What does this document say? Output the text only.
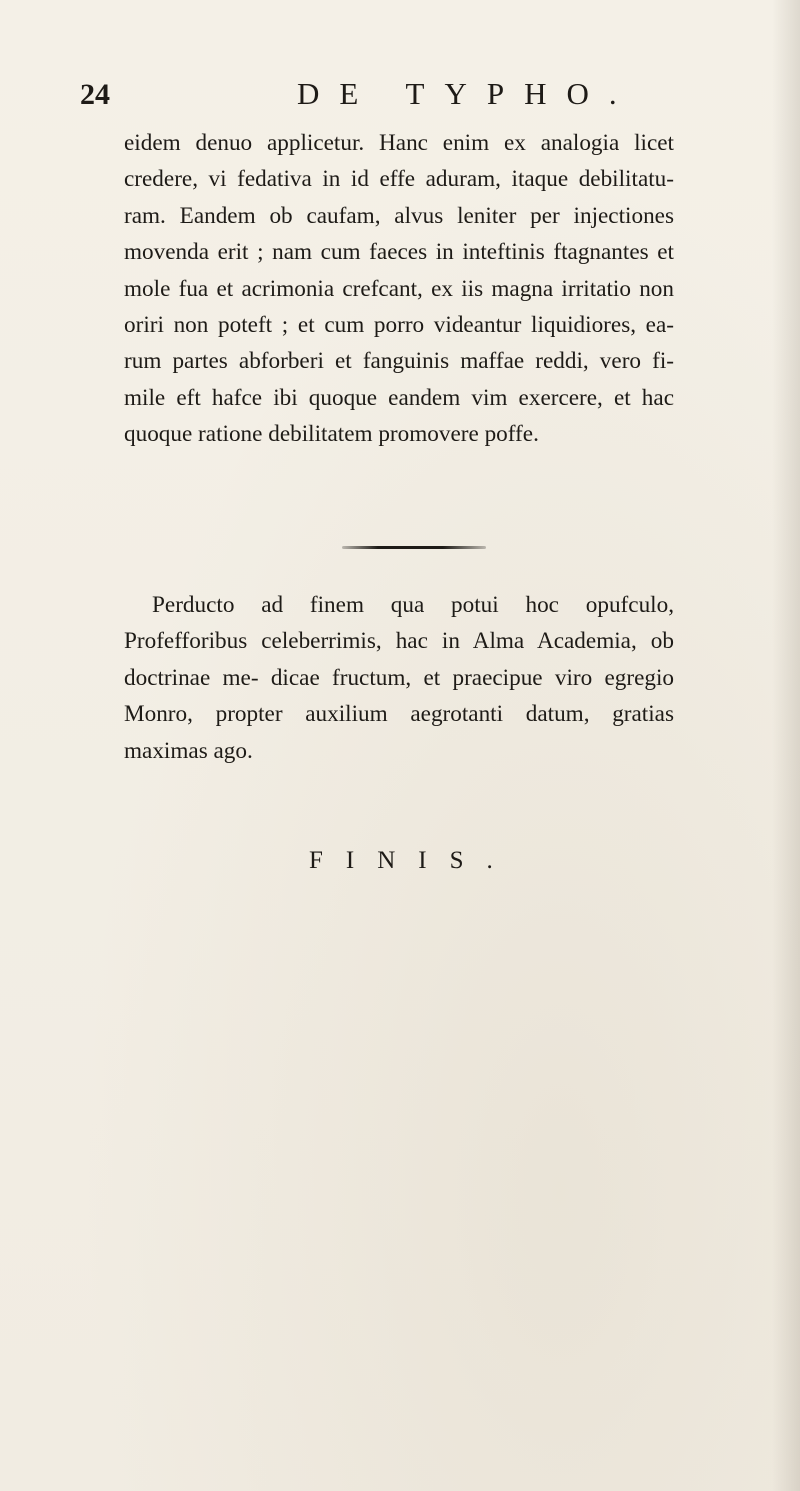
24	DE TYPHO.

eidem denuo applicetur. Hanc enim ex analogia licet credere, vi fedativa in id effe aduram, itaque debilitatu- ram. Eandem ob caufam, alvus leniter per injectiones movenda erit ; nam cum faeces in inteftinis ftagnantes et mole fua et acrimonia crefcant, ex iis magna irritatio non oriri non poteft ; et cum porro videantur liquidiores, ea- rum partes abforberi et fanguinis maffae reddi, vero fi- mile eft hafce ibi quoque eandem vim exercere, et hac quoque ratione debilitatem promovere poffe.

Perducto ad finem qua potui hoc opufculo, Profefforibus celeberrimis, hac in Alma Academia, ob doctrinae me- dicae fructum, et praecipue viro egregio Monro, propter auxilium aegrotanti datum, gratias maximas ago.

FINIS.
